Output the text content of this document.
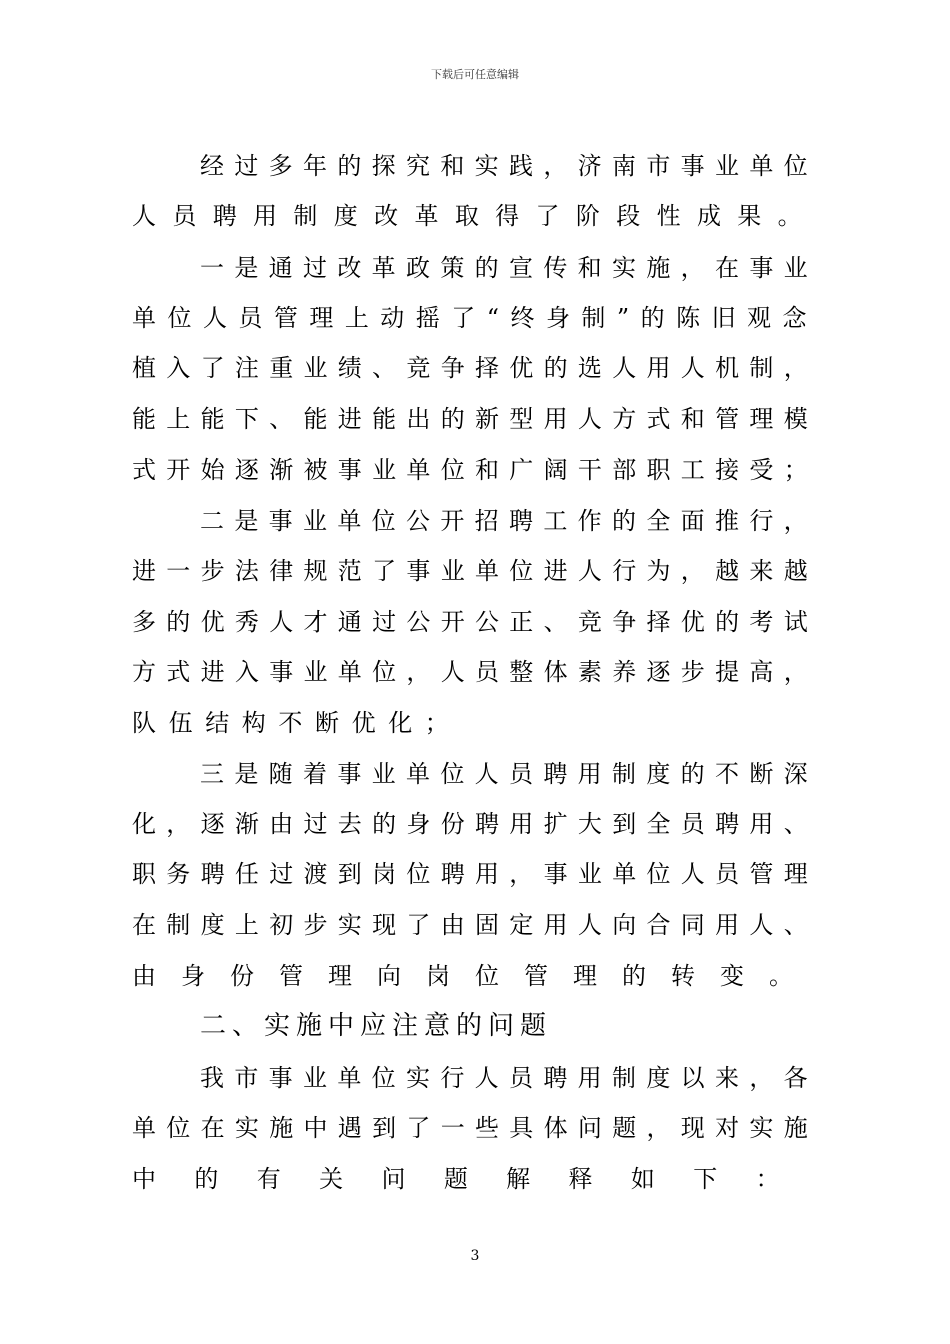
下载后可任意编辑
经过多年的探究和实践，济南市事业单位
人员聘用制度改革取得了阶段性成果。
一是通过改革政策的宣传和实施，在事业
单位人员管理上动摇了“终身制”的陈旧观念
植入了注重业绩、竞争择优的选人用人机制，
能上能下、能进能出的新型用人方式和管理模
式开始逐渐被事业单位和广阔干部职工接受；
二是事业单位公开招聘工作的全面推行，
进一步法律规范了事业单位进人行为，越来越
多的优秀人才通过公开公正、竞争择优的考试
方式进入事业单位，人员整体素养逐步提高，
队伍结构不断优化；
三是随着事业单位人员聘用制度的不断深
化，逐渐由过去的身份聘用扩大到全员聘用、
职务聘任过渡到岗位聘用，事业单位人员管理
在制度上初步实现了由固定用人向合同用人、
由身份管理向岗位管理的转变。
二、实施中应注意的问题
我市事业单位实行人员聘用制度以来，各
单位在实施中遇到了一些具体问题，现对实施
中的有关问题解释如下：
3
